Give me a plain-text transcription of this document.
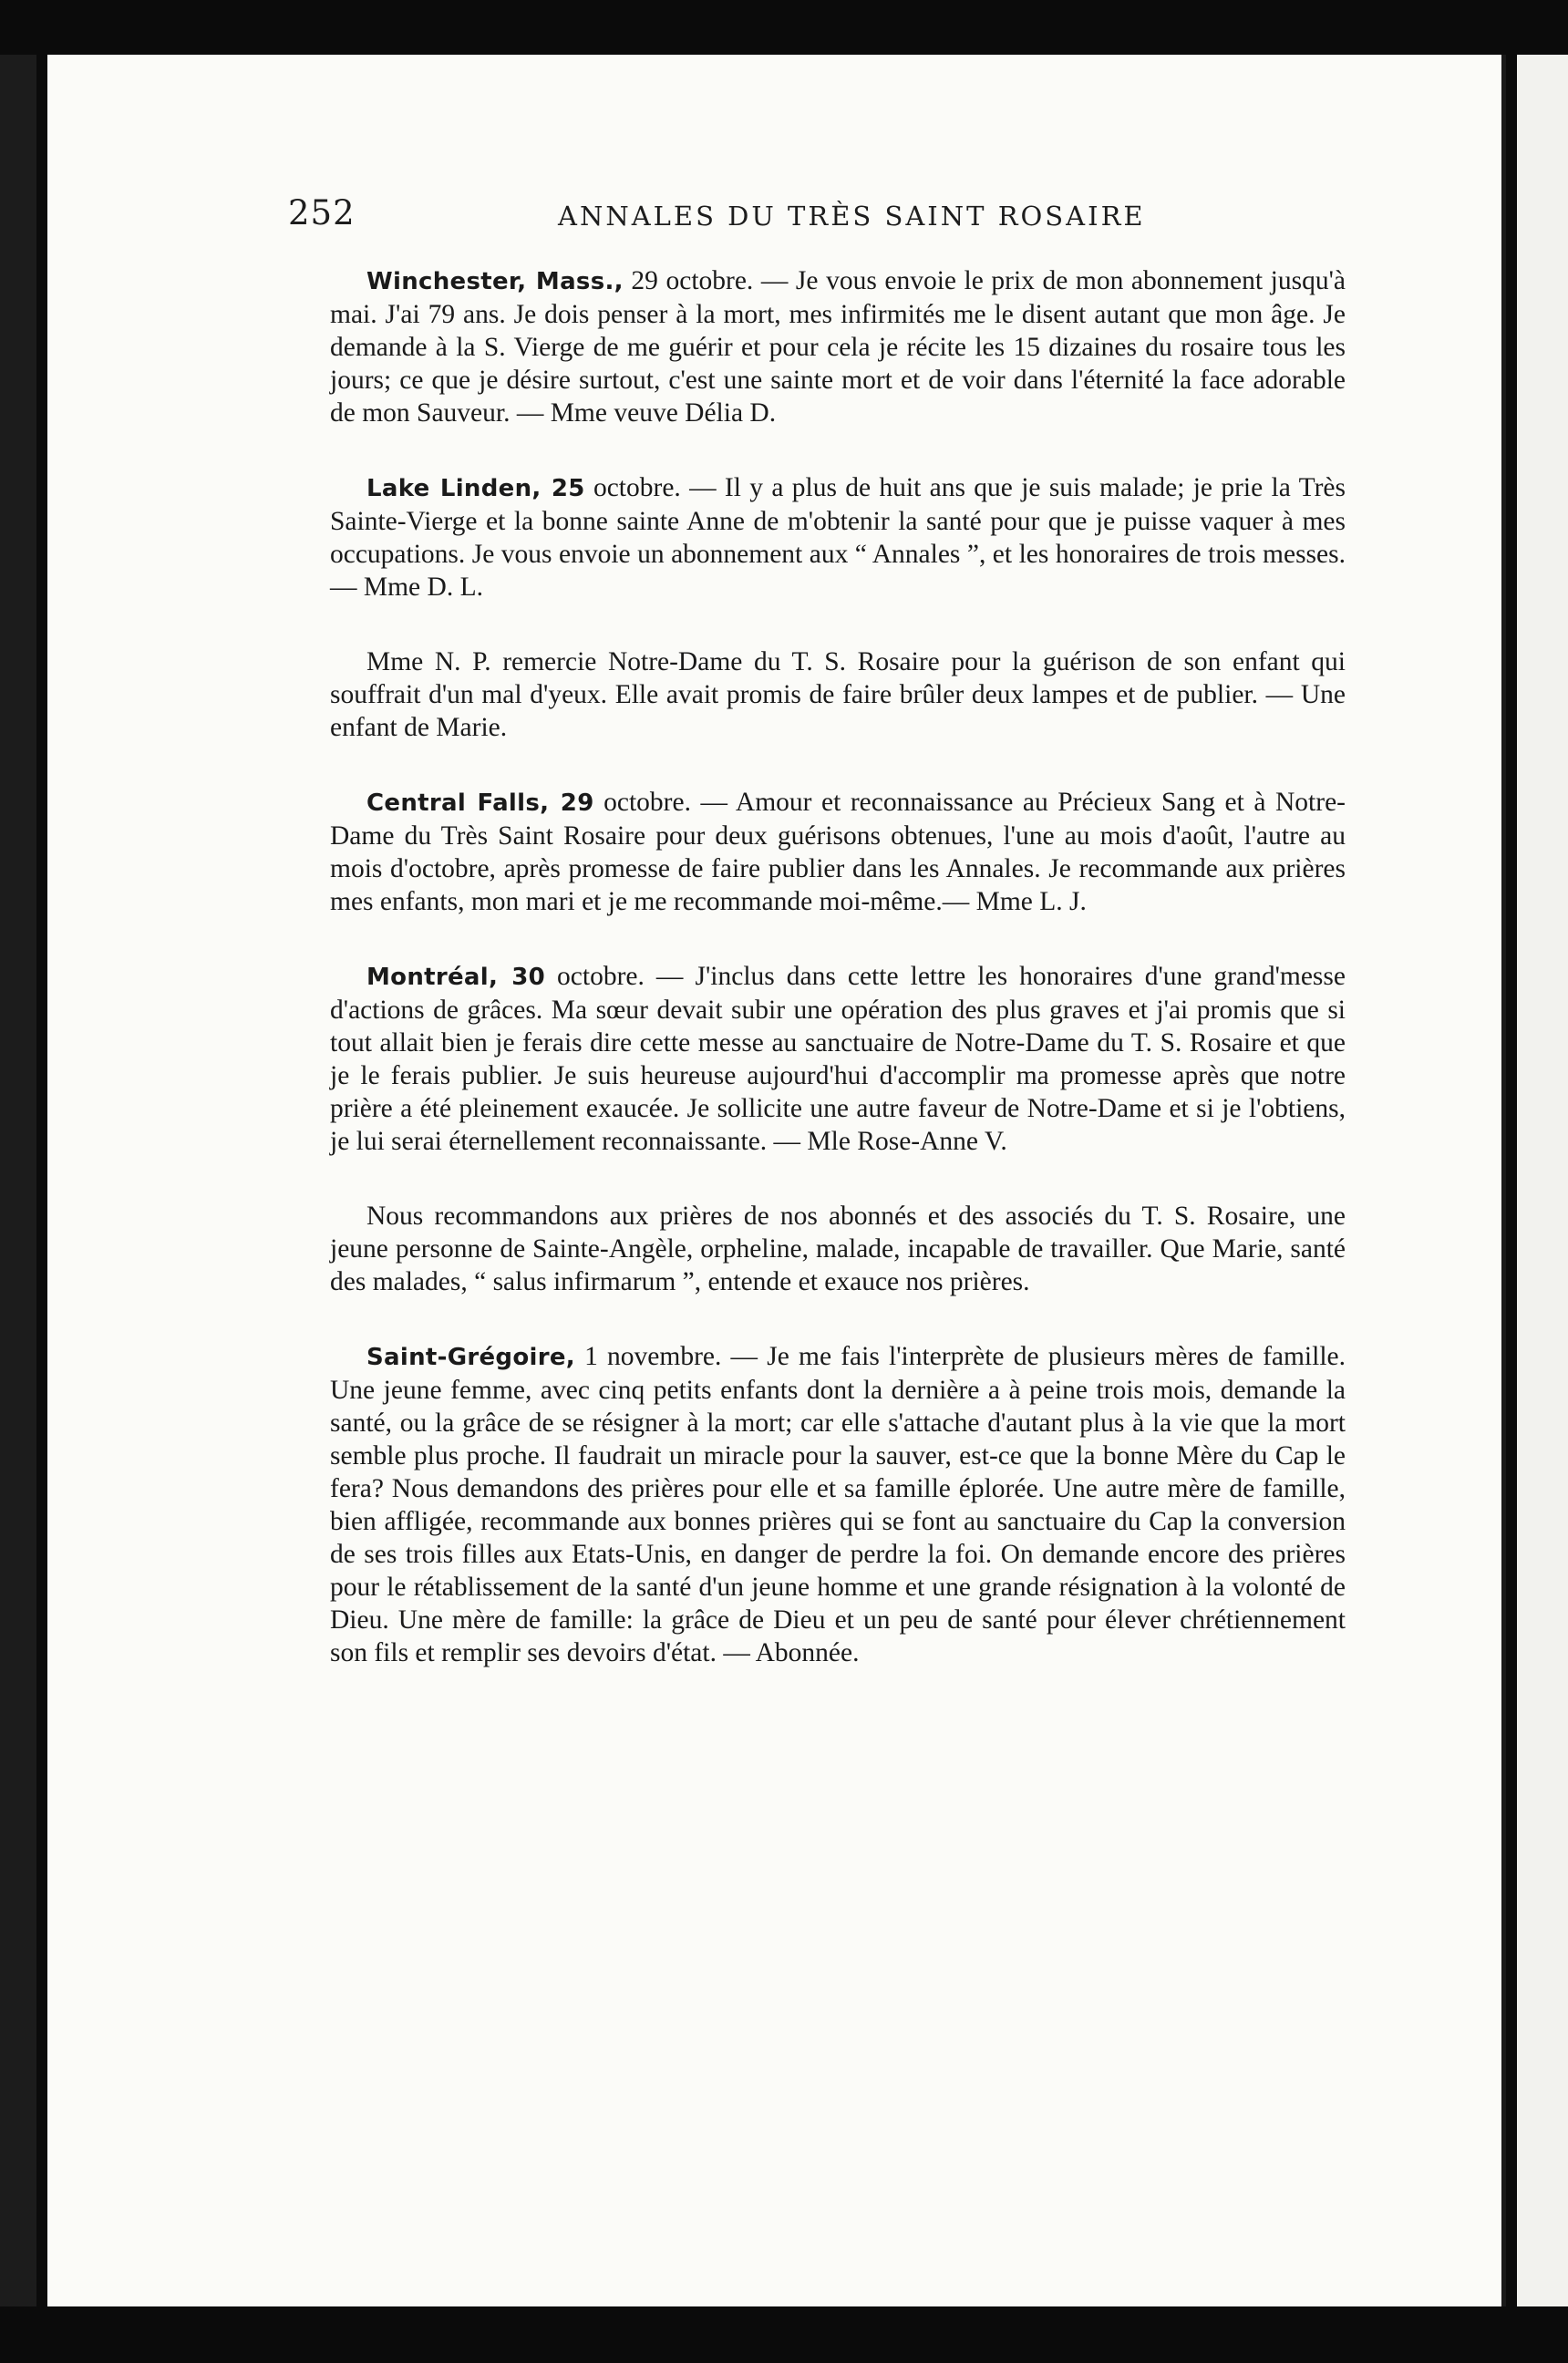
252	ANNALES DU TRÈS SAINT ROSAIRE

Winchester, Mass., 29 octobre. — Je vous envoie le prix de mon abonnement jusqu'à mai. J'ai 79 ans. Je dois penser à la mort, mes infirmités me le disent autant que mon âge. Je demande à la S. Vierge de me guérir et pour cela je récite les 15 dizaines du rosaire tous les jours; ce que je désire surtout, c'est une sainte mort et de voir dans l'éternité la face adorable de mon Sauveur. — Mme veuve Délia D.

Lake Linden, 25 octobre. — Il y a plus de huit ans que je suis malade; je prie la Très Sainte-Vierge et la bonne sainte Anne de m'obtenir la santé pour que je puisse vaquer à mes occupations. Je vous envoie un abonnement aux “ Annales ”, et les honoraires de trois messes. — Mme D. L.

Mme N. P. remercie Notre-Dame du T. S. Rosaire pour la guérison de son enfant qui souffrait d'un mal d'yeux. Elle avait promis de faire brûler deux lampes et de publier. — Une enfant de Marie.

Central Falls, 29 octobre. — Amour et reconnaissance au Précieux Sang et à Notre-Dame du Très Saint Rosaire pour deux guérisons obtenues, l'une au mois d'août, l'autre au mois d'octobre, après promesse de faire publier dans les Annales. Je recommande aux prières mes enfants, mon mari et je me recommande moi-même.— Mme L. J.

Montréal, 30 octobre. — J'inclus dans cette lettre les honoraires d'une grand'messe d'actions de grâces. Ma sœur devait subir une opération des plus graves et j'ai promis que si tout allait bien je ferais dire cette messe au sanctuaire de Notre-Dame du T. S. Rosaire et que je le ferais publier. Je suis heureuse aujourd'hui d'accomplir ma promesse après que notre prière a été pleinement exaucée. Je sollicite une autre faveur de Notre-Dame et si je l'obtiens, je lui serai éternellement reconnaissante. — Mle Rose-Anne V.

Nous recommandons aux prières de nos abonnés et des associés du T. S. Rosaire, une jeune personne de Sainte-Angèle, orpheline, malade, incapable de travailler. Que Marie, santé des malades, “ salus infirmarum ”, entende et exauce nos prières.

Saint-Grégoire, 1 novembre. — Je me fais l'interprète de plusieurs mères de famille. Une jeune femme, avec cinq petits enfants dont la dernière a à peine trois mois, demande la santé, ou la grâce de se résigner à la mort; car elle s'attache d'autant plus à la vie que la mort semble plus proche. Il faudrait un miracle pour la sauver, est-ce que la bonne Mère du Cap le fera? Nous demandons des prières pour elle et sa famille éplorée. Une autre mère de famille, bien affligée, recommande aux bonnes prières qui se font au sanctuaire du Cap la conversion de ses trois filles aux Etats-Unis, en danger de perdre la foi. On demande encore des prières pour le rétablissement de la santé d'un jeune homme et une grande résignation à la volonté de Dieu. Une mère de famille: la grâce de Dieu et un peu de santé pour élever chrétiennement son fils et remplir ses devoirs d'état. — Abonnée.
